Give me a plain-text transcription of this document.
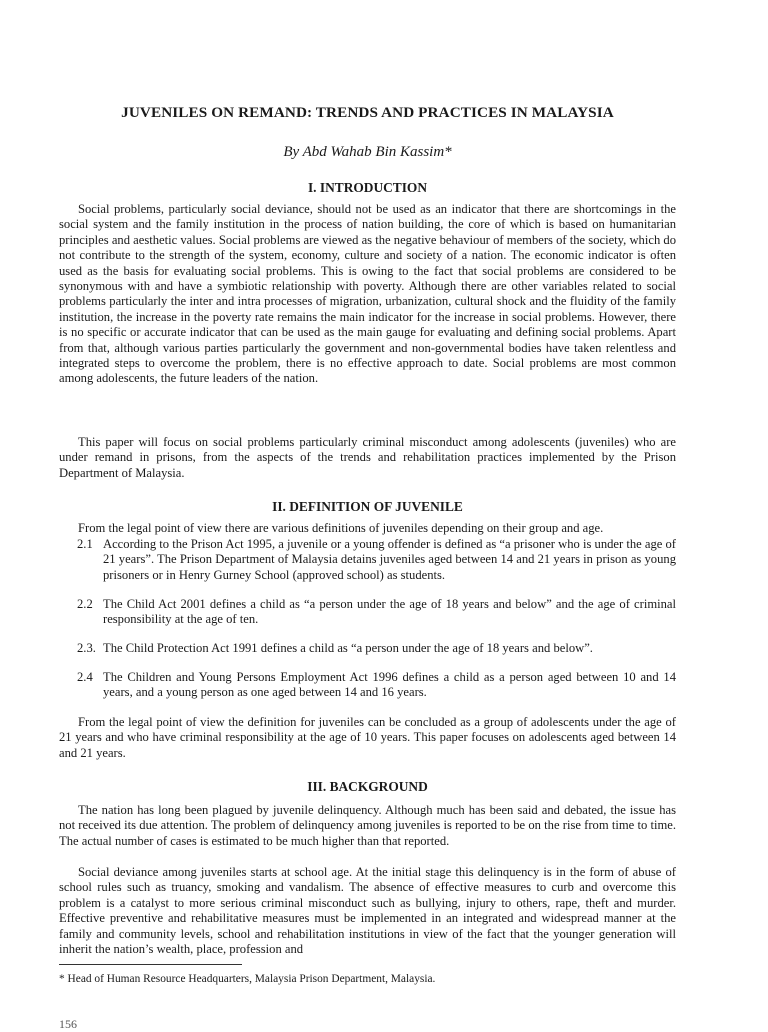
JUVENILES ON REMAND: TRENDS AND PRACTICES IN MALAYSIA
By Abd Wahab Bin Kassim*
I. INTRODUCTION

Social problems, particularly social deviance, should not be used as an indicator that there are shortcomings in the social system and the family institution in the process of nation building, the core of which is based on humanitarian principles and aesthetic values. Social problems are viewed as the negative behaviour of members of the society, which do not contribute to the strength of the system, economy, culture and society of a nation. The economic indicator is often used as the basis for evaluating social problems. This is owing to the fact that social problems are considered to be synonymous with and have a symbiotic relationship with poverty. Although there are other variables related to social problems particularly the inter and intra processes of migration, urbanization, cultural shock and the fluidity of the family institution, the increase in the poverty rate remains the main indicator for the increase in social problems. However, there is no specific or accurate indicator that can be used as the main gauge for evaluating and defining social problems. Apart from that, although various parties particularly the government and non-governmental bodies have taken relentless and integrated steps to overcome the problem, there is no effective approach to date. Social problems are most common among adolescents, the future leaders of the nation.

This paper will focus on social problems particularly criminal misconduct among adolescents (juveniles) who are under remand in prisons, from the aspects of the trends and rehabilitation practices implemented by the Prison Department of Malaysia.

II. DEFINITION OF JUVENILE

From the legal point of view there are various definitions of juveniles depending on their group and age.

2.1 According to the Prison Act 1995, a juvenile or a young offender is defined as “a prisoner who is under the age of 21 years”. The Prison Department of Malaysia detains juveniles aged between 14 and 21 years in prison as young prisoners or in Henry Gurney School (approved school) as students.
2.2 The Child Act 2001 defines a child as “a person under the age of 18 years and below” and the age of criminal responsibility at the age of ten.
2.3. The Child Protection Act 1991 defines a child as “a person under the age of 18 years and below”.
2.4 The Children and Young Persons Employment Act 1996 defines a child as a person aged between 10 and 14 years, and a young person as one aged between 14 and 16 years.

From the legal point of view the definition for juveniles can be concluded as a group of adolescents under the age of 21 years and who have criminal responsibility at the age of 10 years. This paper focuses on adolescents aged between 14 and 21 years.

III. BACKGROUND

The nation has long been plagued by juvenile delinquency. Although much has been said and debated, the issue has not received its due attention. The problem of delinquency among juveniles is reported to be on the rise from time to time. The actual number of cases is estimated to be much higher than that reported.

Social deviance among juveniles starts at school age. At the initial stage this delinquency is in the form of abuse of school rules such as truancy, smoking and vandalism. The absence of effective measures to curb and overcome this problem is a catalyst to more serious criminal misconduct such as bullying, injury to others, rape, theft and murder. Effective preventive and rehabilitative measures must be implemented in an integrated and widespread manner at the family and community levels, school and rehabilitation institutions in view of the fact that the younger generation will inherit the nation’s wealth, place, profession and

* Head of Human Resource Headquarters, Malaysia Prison Department, Malaysia.
156
